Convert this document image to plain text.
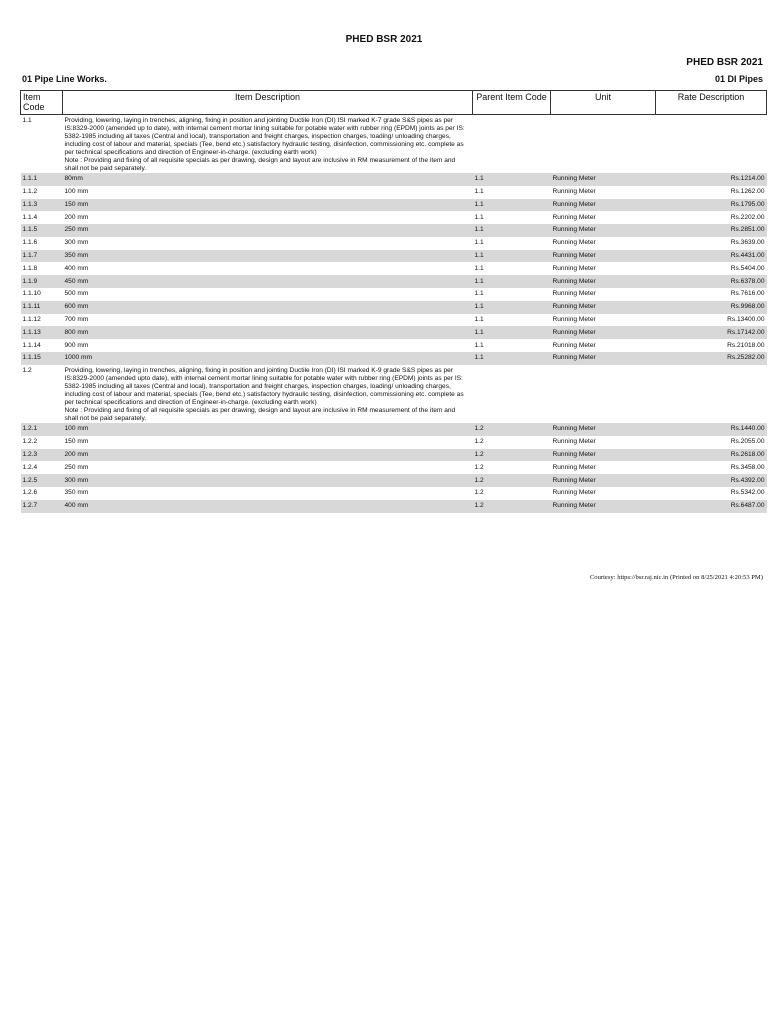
PHED BSR 2021
PHED BSR 2021
01 Pipe Line Works.	01 DI Pipes
Item Code	Item Description	Parent Item Code	Unit	Rate Description
1.1	Providing, lowering, laying in trenches, aligning, fixing in position and jointing Ductile Iron (DI) ISI marked K-7 grade S&S pipes as per IS:8329-2000 (amended up to date), with internal cement mortar lining suitable for potable water with rubber ring (EPDM) joints as per IS: 5382-1985 including all taxes (Central and local), transportation and freight charges, inspection charges, loading/ unloading charges, including cost of labour and material, specials (Tee, bend etc.) satisfactory hydraulic testing, disinfection, commissioning etc. complete as per technical specifications and direction of Engineer-in-charge. (excluding earth work)
Note : Providing and fixing of all requisite specials as per drawing, design and layout are inclusive in RM measurement of the item and shall not be paid separately.			

1.1.1	80mm	1.1	Running Meter	Rs.1214.00
1.1.2	100 mm	1.1	Running Meter	Rs.1262.00
1.1.3	150 mm	1.1	Running Meter	Rs.1795.00
1.1.4	200 mm	1.1	Running Meter	Rs.2202.00
1.1.5	250 mm	1.1	Running Meter	Rs.2851.00
1.1.6	300 mm	1.1	Running Meter	Rs.3639.00
1.1.7	350 mm	1.1	Running Meter	Rs.4431.00
1.1.8	400 mm	1.1	Running Meter	Rs.5404.00
1.1.9	450 mm	1.1	Running Meter	Rs.6378.00
1.1.10	500 mm	1.1	Running Meter	Rs.7616.00
1.1.11	600 mm	1.1	Running Meter	Rs.9968.00
1.1.12	700 mm	1.1	Running Meter	Rs.13400.00
1.1.13	800 mm	1.1	Running Meter	Rs.17142.00
1.1.14	900 mm	1.1	Running Meter	Rs.21018.00
1.1.15	1000 mm	1.1	Running Meter	Rs.25282.00
1.2	Providing, lowering, laying in trenches, aligning, fixing in position and jointing Ductile Iron (DI) ISI marked K-9 grade S&S pipes as per IS:8329-2000 (amended upto date), with internal cement mortar lining suitable for potable water with rubber ring (EPDM) joints as per IS: 5382-1985 including all taxes (Central and local), transportation and freight charges, inspection charges, loading/ unloading charges, including cost of labour and material, specials (Tee, bend etc.) satisfactory hydraulic testing, disinfection, commissioning etc. complete as per technical specifications and direction of Engineer-in-charge. (excluding earth work)
Note : Providing and fixing of all requisite specials as per drawing, design and layout are inclusive in RM measurement of the item and shall not be paid separately.			

1.2.1	100 mm	1.2	Running Meter	Rs.1440.00
1.2.2	150 mm	1.2	Running Meter	Rs.2055.00
1.2.3	200 mm	1.2	Running Meter	Rs.2618.00
1.2.4	250 mm	1.2	Running Meter	Rs.3458.00
1.2.5	300 mm	1.2	Running Meter	Rs.4392.00
1.2.6	350 mm	1.2	Running Meter	Rs.5342.00
1.2.7	400 mm	1.2	Running Meter	Rs.6487.00
Courtesy: https://bsr.raj.nic.in (Printed on 8/25/2021 4:20:53 PM)
